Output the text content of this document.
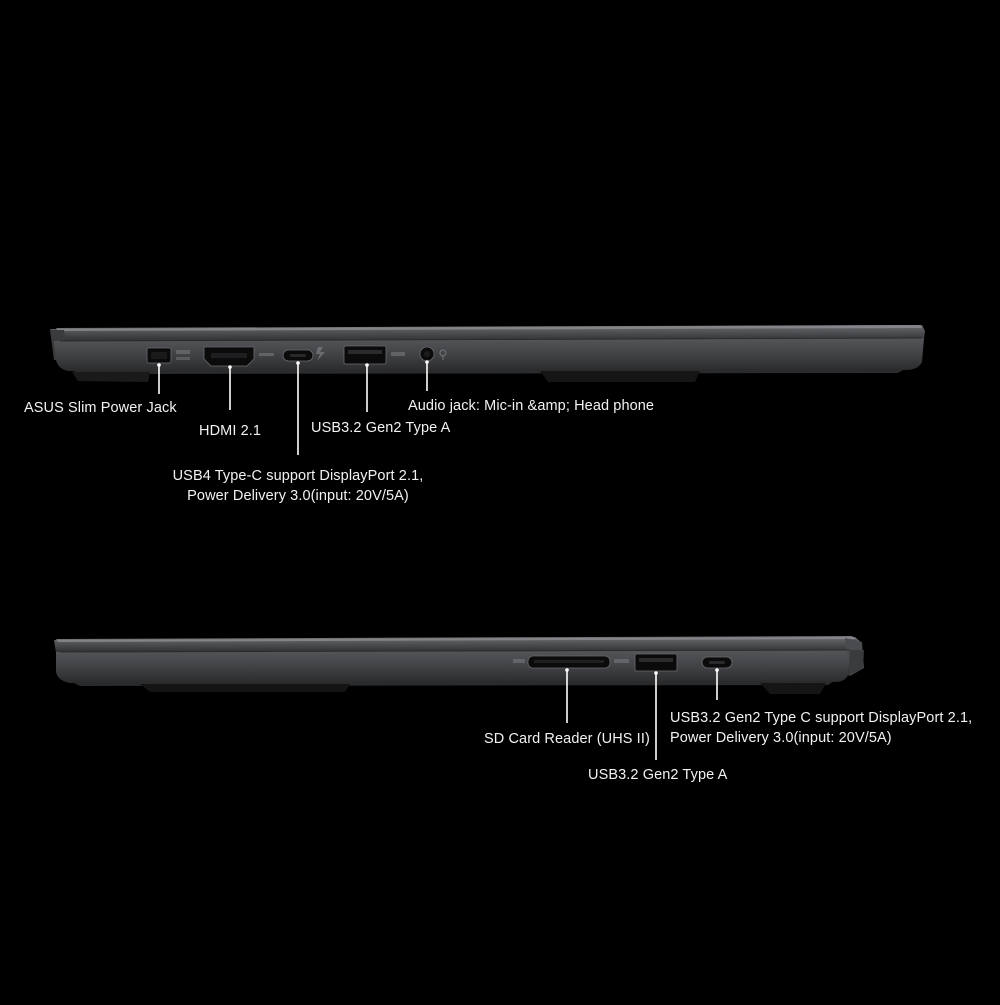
ASUS Slim Power Jack
HDMI 2.1
USB4 Type-C support DisplayPort 2.1,
Power Delivery 3.0(input: 20V/5A)
USB3.2 Gen2 Type A
Audio jack: Mic-in &amp; Head phone
SD Card Reader (UHS II)
USB3.2 Gen2 Type A
USB3.2 Gen2 Type C support DisplayPort 2.1,
Power Delivery 3.0(input: 20V/5A)
